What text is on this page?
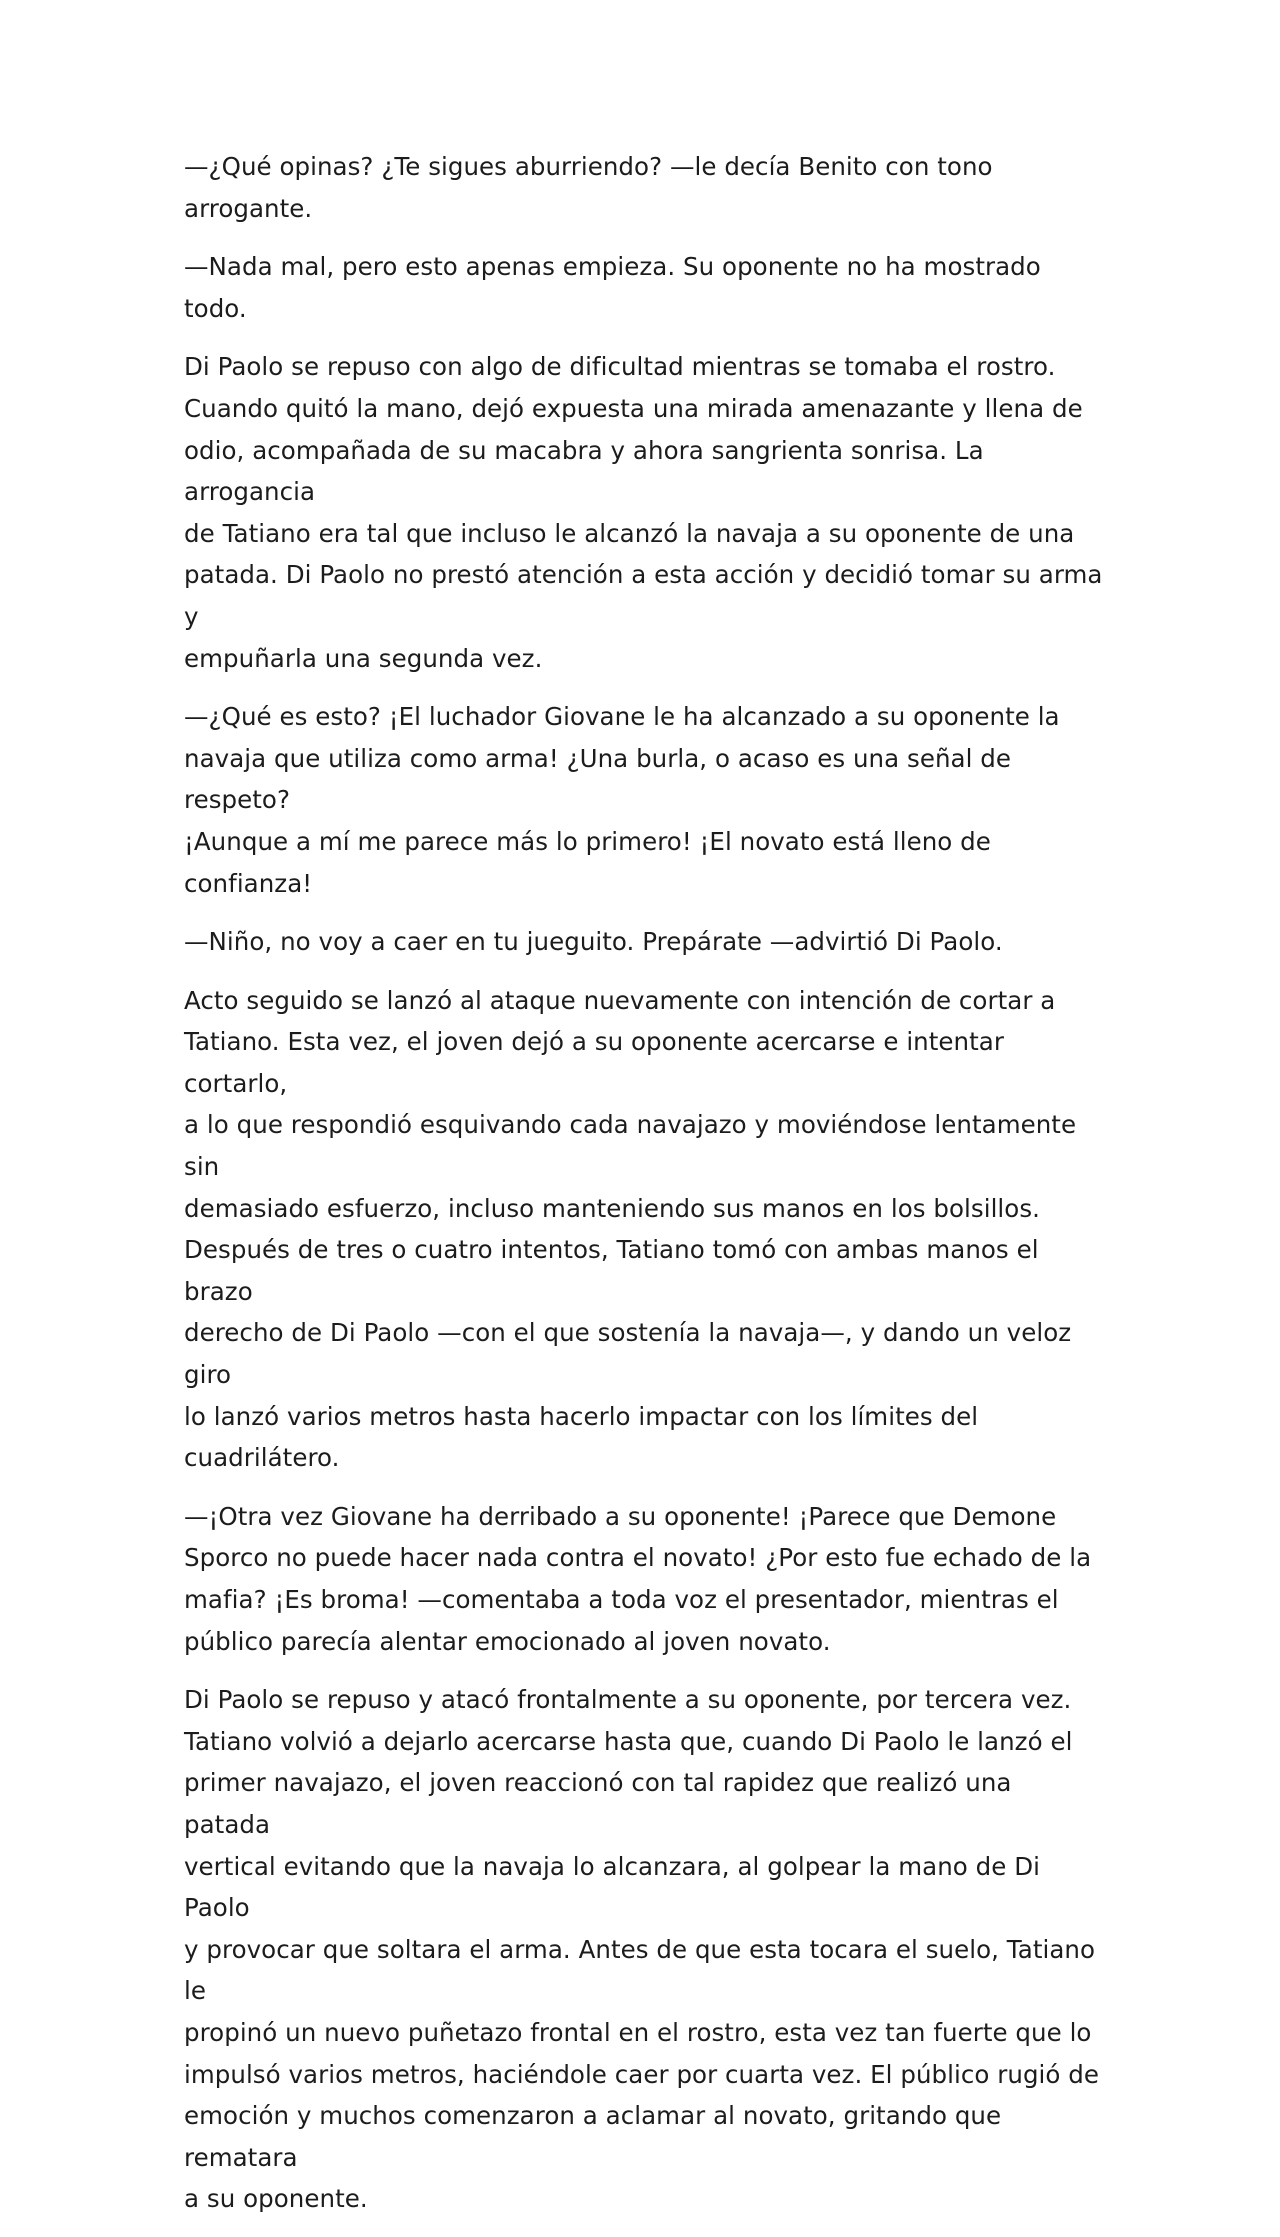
—¿Qué opinas? ¿Te sigues aburriendo? —le decía Benito con tono arrogante.

—Nada mal, pero esto apenas empieza. Su oponente no ha mostrado todo.

Di Paolo se repuso con algo de dificultad mientras se tomaba el rostro.
Cuando quitó la mano, dejó expuesta una mirada amenazante y llena de
odio, acompañada de su macabra y ahora sangrienta sonrisa. La arrogancia
de Tatiano era tal que incluso le alcanzó la navaja a su oponente de una
patada. Di Paolo no prestó atención a esta acción y decidió tomar su arma y
empuñarla una segunda vez.

—¿Qué es esto? ¡El luchador Giovane le ha alcanzado a su oponente la
navaja que utiliza como arma! ¿Una burla, o acaso es una señal de respeto?
¡Aunque a mí me parece más lo primero! ¡El novato está lleno de confianza!

—Niño, no voy a caer en tu jueguito. Prepárate —advirtió Di Paolo.

Acto seguido se lanzó al ataque nuevamente con intención de cortar a
Tatiano. Esta vez, el joven dejó a su oponente acercarse e intentar cortarlo,
a lo que respondió esquivando cada navajazo y moviéndose lentamente sin
demasiado esfuerzo, incluso manteniendo sus manos en los bolsillos.
Después de tres o cuatro intentos, Tatiano tomó con ambas manos el brazo
derecho de Di Paolo —con el que sostenía la navaja—, y dando un veloz giro
lo lanzó varios metros hasta hacerlo impactar con los límites del
cuadrilátero.

—¡Otra vez Giovane ha derribado a su oponente! ¡Parece que Demone
Sporco no puede hacer nada contra el novato! ¿Por esto fue echado de la
mafia? ¡Es broma! —comentaba a toda voz el presentador, mientras el
público parecía alentar emocionado al joven novato.

Di Paolo se repuso y atacó frontalmente a su oponente, por tercera vez.
Tatiano volvió a dejarlo acercarse hasta que, cuando Di Paolo le lanzó el
primer navajazo, el joven reaccionó con tal rapidez que realizó una patada
vertical evitando que la navaja lo alcanzara, al golpear la mano de Di Paolo
y provocar que soltara el arma. Antes de que esta tocara el suelo, Tatiano le
propinó un nuevo puñetazo frontal en el rostro, esta vez tan fuerte que lo
impulsó varios metros, haciéndole caer por cuarta vez. El público rugió de
emoción y muchos comenzaron a aclamar al novato, gritando que rematara
a su oponente.
